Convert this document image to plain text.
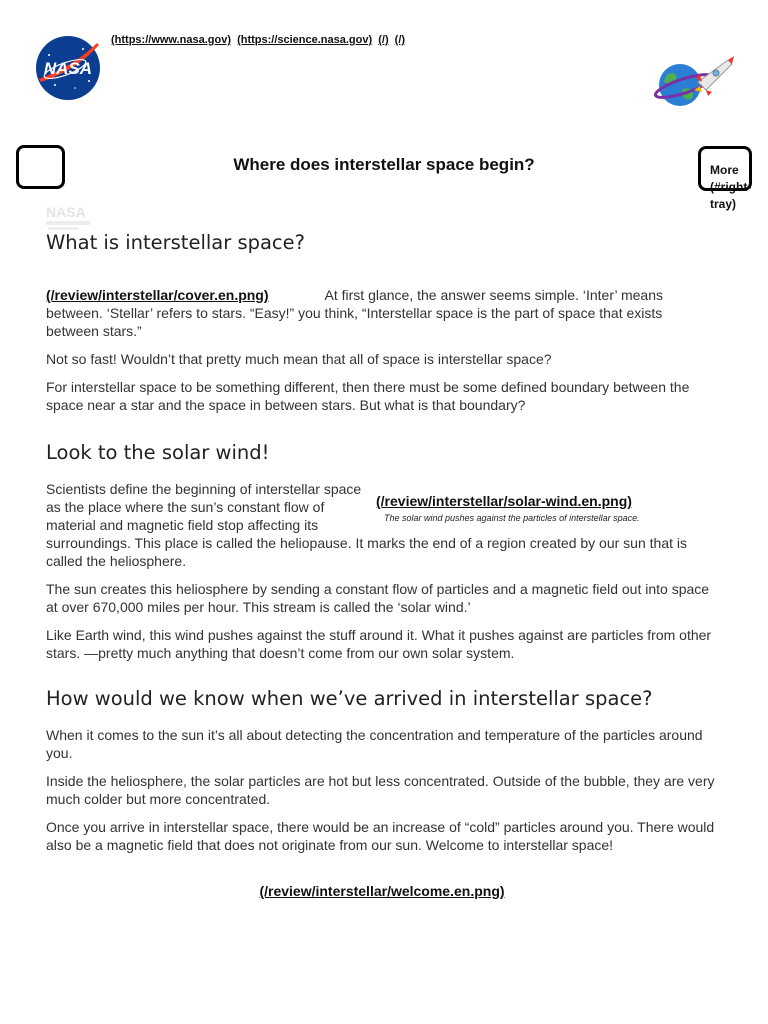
(https://www.nasa.gov) (https://science.nasa.gov) (/) (/)
NASA
Where does interstellar space begin?	More (#right-tray)
NASA
What is interstellar space?

(/review/interstellar/cover.en.png)	At first glance, the answer seems simple. ‘Inter’ means between. ‘Stellar’ refers to stars. “Easy!” you think, “Interstellar space is the part of space that exists between stars.”

Not so fast! Wouldn’t that pretty much mean that all of space is interstellar space?

For interstellar space to be something different, then there must be some defined boundary between the space near a star and the space in between stars. But what is that boundary?

Look to the solar wind!
(/review/interstellar/solar-wind.en.png)
The solar wind pushes against the particles of interstellar space.

Scientists define the beginning of interstellar space as the place where the sun’s constant flow of material and magnetic field stop affecting its surroundings. This place is called the heliopause. It marks the end of a region created by our sun that is called the heliosphere.

The sun creates this heliosphere by sending a constant flow of particles and a magnetic field out into space at over 670,000 miles per hour. This stream is called the ‘solar wind.’

Like Earth wind, this wind pushes against the stuff around it. What it pushes against are particles from other stars. —pretty much anything that doesn’t come from our own solar system.

How would we know when we’ve arrived in interstellar space?

When it comes to the sun it’s all about detecting the concentration and temperature of the particles around you.

Inside the heliosphere, the solar particles are hot but less concentrated. Outside of the bubble, they are very much colder but more concentrated.

Once you arrive in interstellar space, there would be an increase of “cold” particles around you. There would also be a magnetic field that does not originate from our sun. Welcome to interstellar space!

(/review/interstellar/welcome.en.png)
